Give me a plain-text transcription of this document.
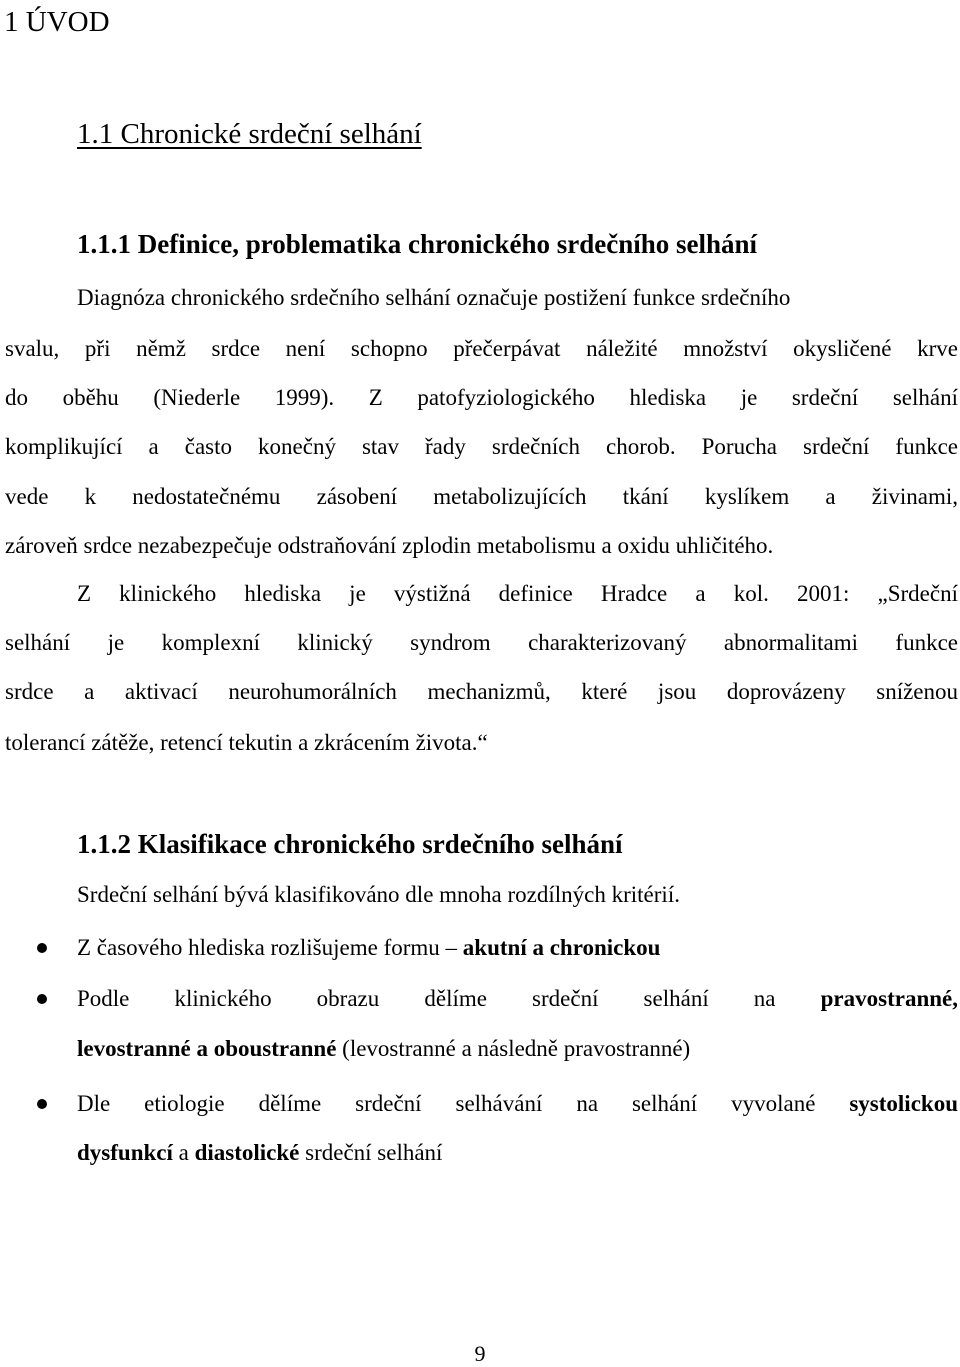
1 ÚVOD
1.1 Chronické srdeční selhání
1.1.1 Definice, problematika chronického srdečního selhání
Diagnóza chronického srdečního selhání označuje postižení funkce srdečního
svalu, při němž srdce není schopno přečerpávat náležité množství okysličené krve
do oběhu (Niederle 1999). Z patofyziologického hlediska je srdeční selhání
komplikující a často konečný stav řady srdečních chorob. Porucha srdeční funkce
vede k nedostatečnému zásobení metabolizujících tkání kyslíkem a živinami,
zároveň srdce nezabezpečuje odstraňování zplodin metabolismu a oxidu uhličitého.
Z klinického hlediska je výstižná definice Hradce a kol. 2001: „Srdeční
selhání je komplexní klinický syndrom charakterizovaný abnormalitami funkce
srdce a aktivací neurohumorálních mechanizmů, které jsou doprovázeny sníženou
tolerancí zátěže, retencí tekutin a zkrácením života.“
1.1.2 Klasifikace chronického srdečního selhání
Srdeční selhání bývá klasifikováno dle mnoha rozdílných kritérií.
Z časového hlediska rozlišujeme formu – akutní a chronickou
Podle klinického obrazu dělíme srdeční selhání na pravostranné,
levostranné a oboustranné (levostranné a následně pravostranné)
Dle etiologie dělíme srdeční selhávání na selhání vyvolané systolickou
dysfunkcí a diastolické srdeční selhání
9
